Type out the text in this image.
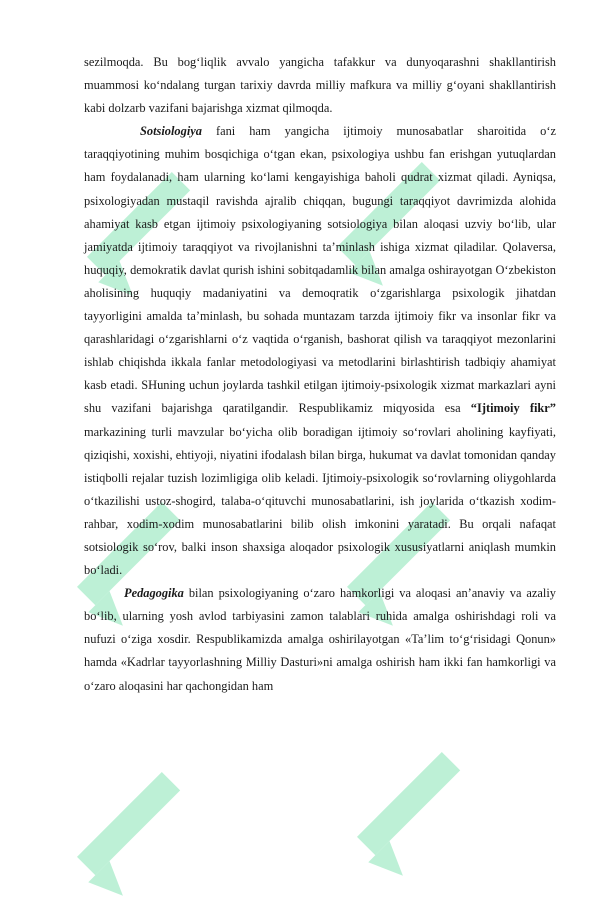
sezilmoqda. Bu bog‘liqlik avvalo yangicha tafakkur va dunyoqarashni shakllantirish muammosi ko‘ndalang turgan tarixiy davrda milliy mafkura va milliy g‘oyani shakllantirish kabi dolzarb vazifani bajarishga xizmat qilmoqda.

Sotsiologiya fani ham yangicha ijtimoiy munosabatlar sharoitida o‘z taraqqiyotining muhim bosqichiga o‘tgan ekan, psixologiya ushbu fan erishgan yutuqlardan ham foydalanadi, ham ularning ko‘lami kengayishiga baholi qudrat xizmat qiladi. Ayniqsa, psixologiyadan mustaqil ravishda ajralib chiqqan, bugungi taraqqiyot davrimizda alohida ahamiyat kasb etgan ijtimoiy psixologiyaning sotsiologiya bilan aloqasi uzviy bo‘lib, ular jamiyatda ijtimoiy taraqqiyot va rivojlanishni ta’minlash ishiga xizmat qiladilar. Qolaversa, huquqiy, demokratik davlat qurish ishini sobitqadamlik bilan amalga oshirayotgan O‘zbekiston aholisining huquqiy madaniyatini va demoqratik o‘zgarishlarga psixologik jihatdan tayyorligini amalda ta’minlash, bu sohada muntazam tarzda ijtimoiy fikr va insonlar fikr va qarashlaridagi o‘zgarishlarni o‘z vaqtida o‘rganish, bashorat qilish va taraqqiyot mezonlarini ishlab chiqishda ikkala fanlar metodologiyasi va metodlarini birlashtirish tadbiqiy ahamiyat kasb etadi. SHuning uchun joylarda tashkil etilgan ijtimoiy-psixologik xizmat markazlari ayni shu vazifani bajarishga qaratilgandir. Respublikamiz miqyosida esa “Ijtimoiy fikr” markazining turli mavzular bo‘yicha olib boradigan ijtimoiy so‘rovlari aholining kayfiyati, qiziqishi, xoxishi, ehtiyoji, niyatini ifodalash bilan birga, hukumat va davlat tomonidan qanday istiqbolli rejalar tuzish lozimligiga olib keladi. Ijtimoiy-psixologik so‘rovlarning oliygohlarda o‘tkazilishi ustoz-shogird, talaba-o‘qituvchi munosabatlarini, ish joylarida o‘tkazish xodim-rahbar, xodim-xodim munosabatlarini bilib olish imkonini yaratadi. Bu orqali nafaqat sotsiologik so‘rov, balki inson shaxsiga aloqador psixologik xususiyatlarni aniqlash mumkin bo‘ladi.

Pedagogika bilan psixologiyaning o‘zaro hamkorligi va aloqasi an’anaviy va azaliy bo‘lib, ularning yosh avlod tarbiyasini zamon talablari ruhida amalga oshirishdagi roli va nufuzi o‘ziga xosdir. Respublikamizda amalga oshirilayotgan «Ta’lim to‘g‘risidagi Qonun» hamda «Kadrlar tayyorlashning Milliy Dasturi»ni amalga oshirish ham ikki fan hamkorligi va o‘zaro aloqasini har qachongidan ham
